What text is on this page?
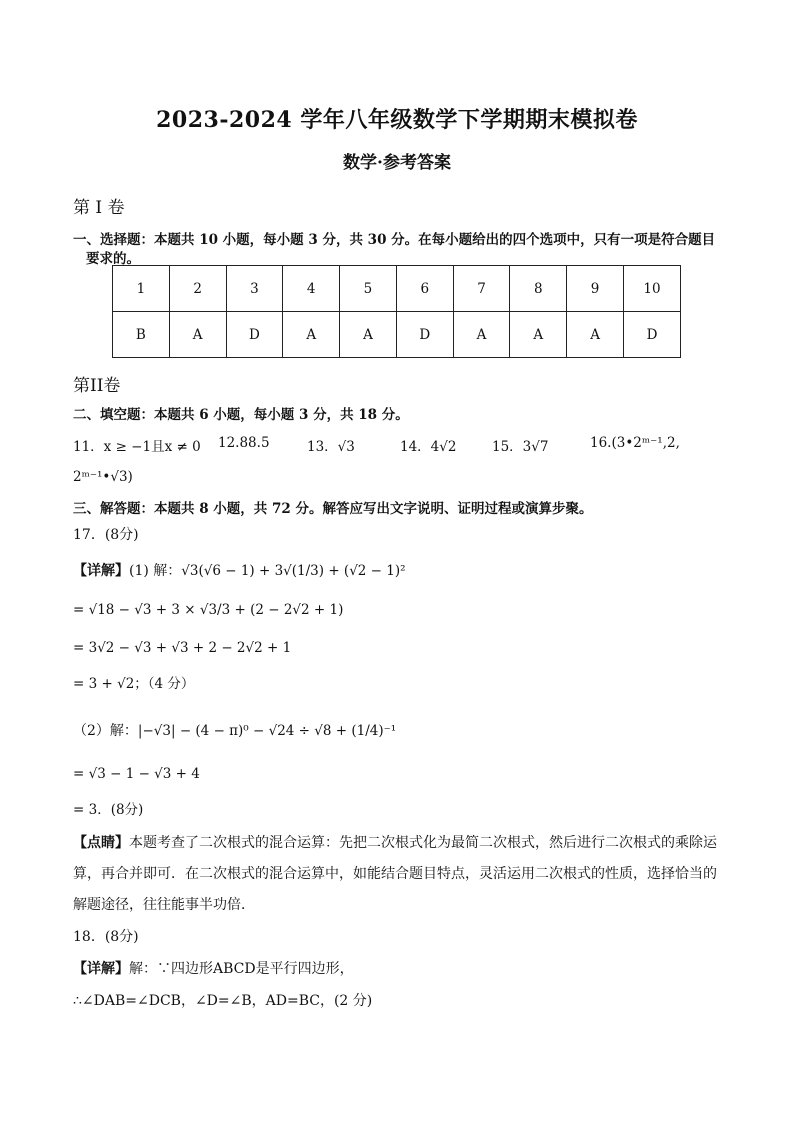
2023-2024 学年八年级数学下学期期末模拟卷
数学·参考答案
第 I 卷
一、选择题：本题共 10 小题，每小题 3 分，共 30 分。在每小题给出的四个选项中，只有一项是符合题目
要求的。
1	2	3	4	5	6	7	8	9	10
B	A	D	A	A	D	A	A	A	D
第II卷
二、填空题：本题共 6 小题，每小题 3 分，共 18 分。
11．x ≥ −1且x ≠ 0 12.88.5	13．√3	14．4√2	15．3√7	16.(3•2ᵐ⁻¹,2,
2ᵐ⁻¹•√3)
三、解答题：本题共 8 小题，共 72 分。解答应写出文字说明、证明过程或演算步聚。
17．(8分)
【详解】(1) 解：√3(√6 − 1) + 3√(1/3) + (√2 − 1)²
= √18 − √3 + 3 × √3/3 + (2 − 2√2 + 1)
= 3√2 − √3 + √3 + 2 − 2√2 + 1
= 3 + √2；（4 分）
（2）解：|−√3| − (4 − π)⁰ − √24 ÷ √8 + (1/4)⁻¹
= √3 − 1 − √3 + 4
= 3．(8分)
【点睛】本题考查了二次根式的混合运算：先把二次根式化为最简二次根式，然后进行二次根式的乘除运
算，再合并即可．在二次根式的混合运算中，如能结合题目特点，灵活运用二次根式的性质，选择恰当的
解题途径，往往能事半功倍．
18．(8分)
【详解】解：∵四边形ABCD是平行四边形，
∴∠DAB=∠DCB，∠D=∠B，AD=BC，(2 分)
